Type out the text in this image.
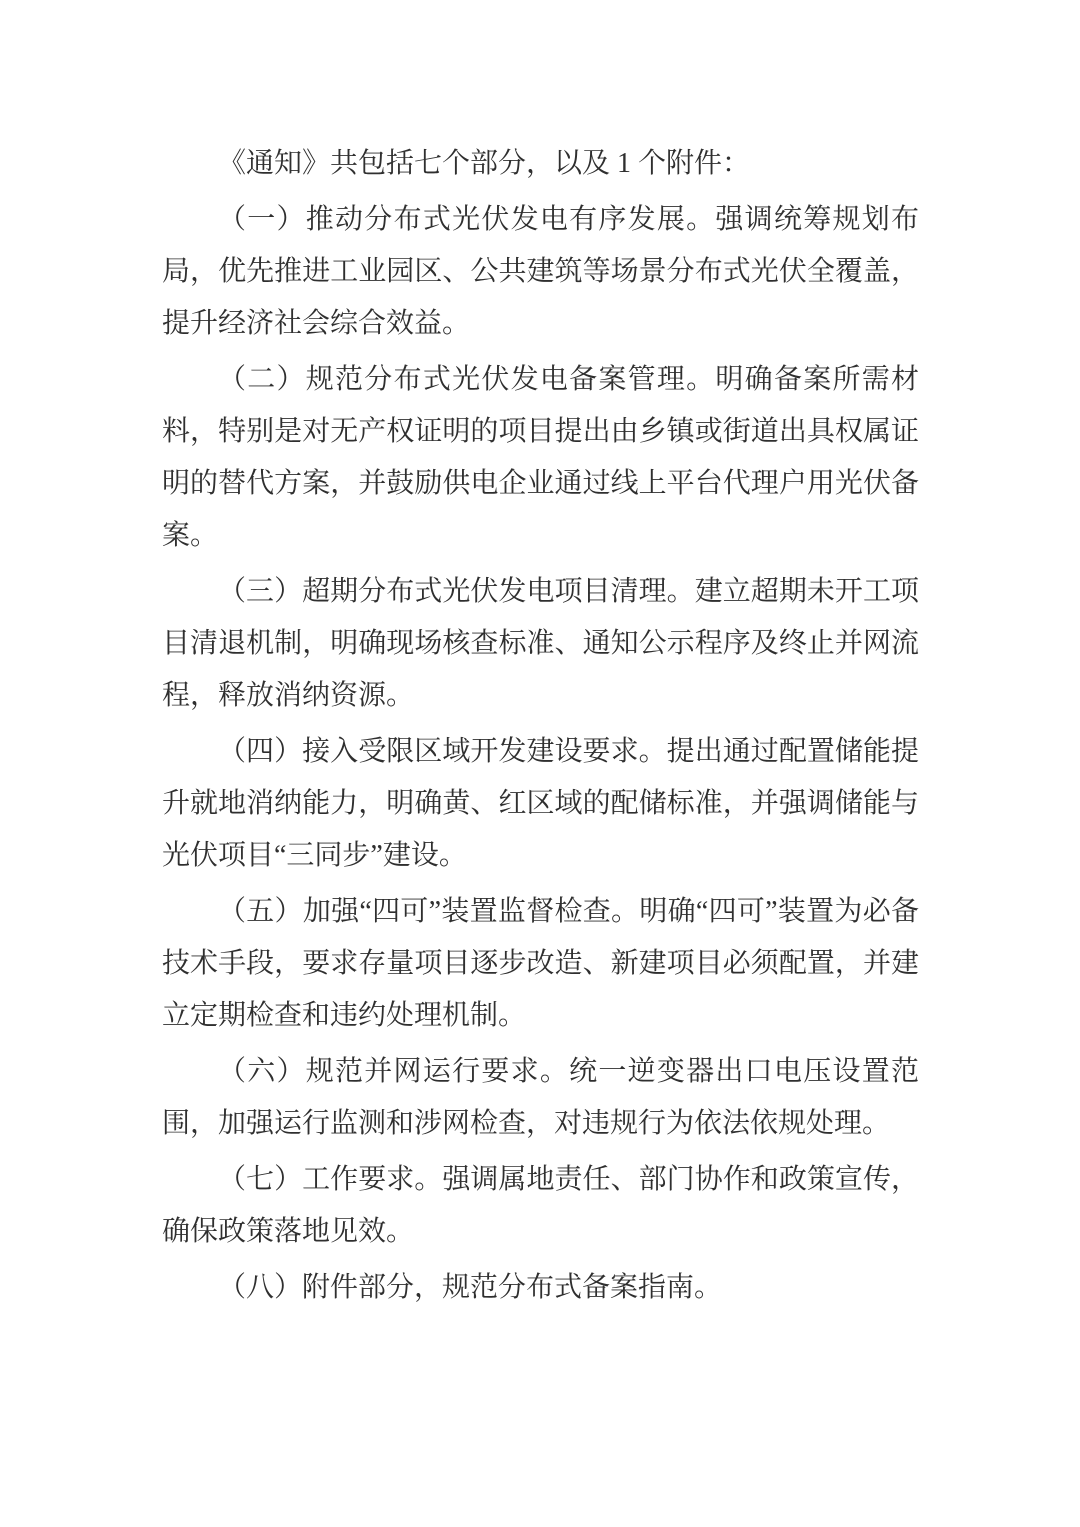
《通知》共包括七个部分，以及 1 个附件：

（一）推动分布式光伏发电有序发展。强调统筹规划布局，优先推进工业园区、公共建筑等场景分布式光伏全覆盖，提升经济社会综合效益。

（二）规范分布式光伏发电备案管理。明确备案所需材料，特别是对无产权证明的项目提出由乡镇或街道出具权属证明的替代方案，并鼓励供电企业通过线上平台代理户用光伏备案。

（三）超期分布式光伏发电项目清理。建立超期未开工项目清退机制，明确现场核查标准、通知公示程序及终止并网流程，释放消纳资源。

（四）接入受限区域开发建设要求。提出通过配置储能提升就地消纳能力，明确黄、红区域的配储标准，并强调储能与光伏项目“三同步”建设。

（五）加强“四可”装置监督检查。明确“四可”装置为必备技术手段，要求存量项目逐步改造、新建项目必须配置，并建立定期检查和违约处理机制。

（六）规范并网运行要求。统一逆变器出口电压设置范围，加强运行监测和涉网检查，对违规行为依法依规处理。

（七）工作要求。强调属地责任、部门协作和政策宣传，确保政策落地见效。

（八）附件部分，规范分布式备案指南。
